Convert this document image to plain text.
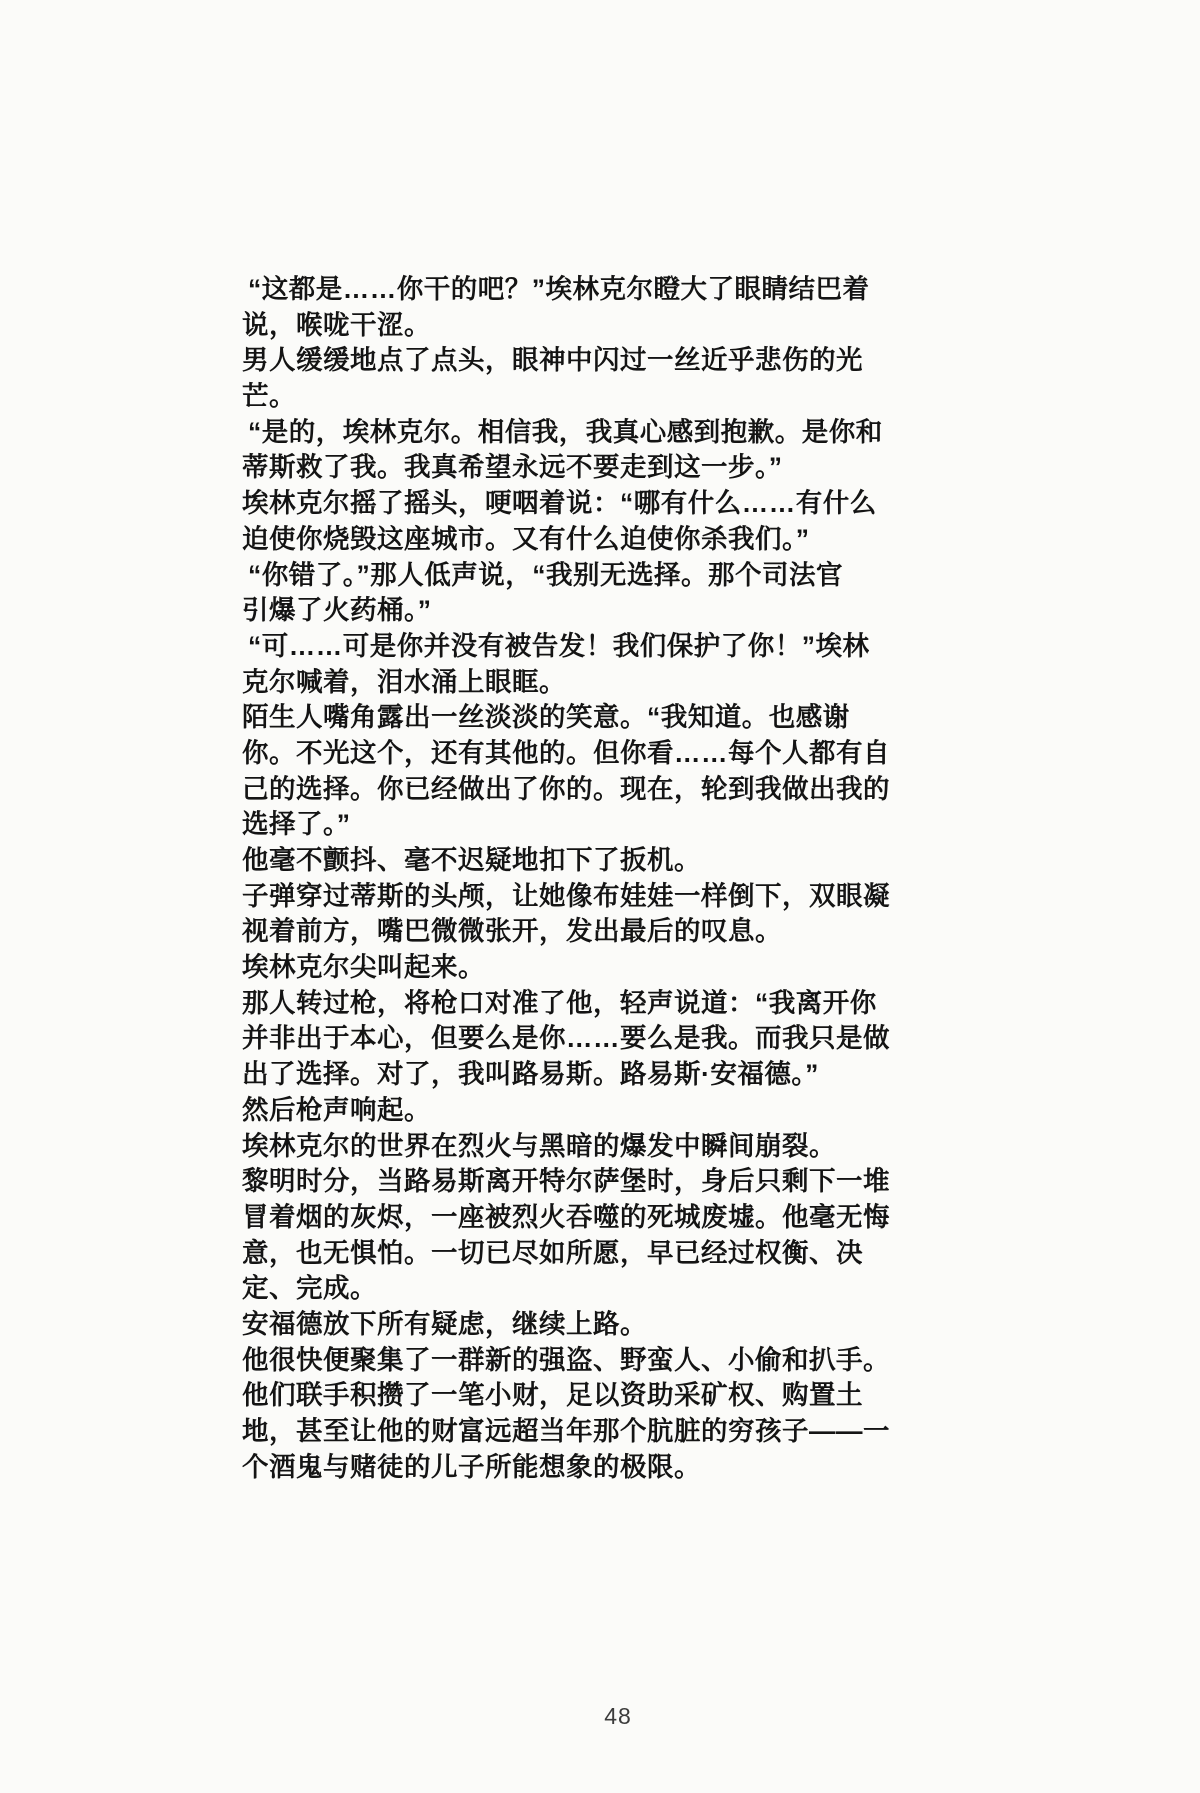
“这都是……你干的吧？”埃林克尔瞪大了眼睛结巴着
说，喉咙干涩。
男人缓缓地点了点头，眼神中闪过一丝近乎悲伤的光
芒。
“是的，埃林克尔。相信我，我真心感到抱歉。是你和
蒂斯救了我。我真希望永远不要走到这一步。”
埃林克尔摇了摇头，哽咽着说：“哪有什么……有什么
迫使你烧毁这座城市。又有什么迫使你杀我们。”
“你错了。”那人低声说，“我别无选择。那个司法官
引爆了火药桶。”
“可……可是你并没有被告发！我们保护了你！”埃林
克尔喊着，泪水涌上眼眶。
陌生人嘴角露出一丝淡淡的笑意。“我知道。也感谢
你。不光这个，还有其他的。但你看……每个人都有自
己的选择。你已经做出了你的。现在，轮到我做出我的
选择了。”
他毫不颤抖、毫不迟疑地扣下了扳机。
子弹穿过蒂斯的头颅，让她像布娃娃一样倒下，双眼凝
视着前方，嘴巴微微张开，发出最后的叹息。
埃林克尔尖叫起来。
那人转过枪，将枪口对准了他，轻声说道：“我离开你
并非出于本心，但要么是你……要么是我。而我只是做
出了选择。对了，我叫路易斯。路易斯·安福德。”
然后枪声响起。
埃林克尔的世界在烈火与黑暗的爆发中瞬间崩裂。
黎明时分，当路易斯离开特尔萨堡时，身后只剩下一堆
冒着烟的灰烬，一座被烈火吞噬的死城废墟。他毫无悔
意，也无惧怕。一切已尽如所愿，早已经过权衡、决
定、完成。
安福德放下所有疑虑，继续上路。
他很快便聚集了一群新的强盗、野蛮人、小偷和扒手。
他们联手积攒了一笔小财，足以资助采矿权、购置土
地，甚至让他的财富远超当年那个肮脏的穷孩子——一
个酒鬼与赌徒的儿子所能想象的极限。
48
